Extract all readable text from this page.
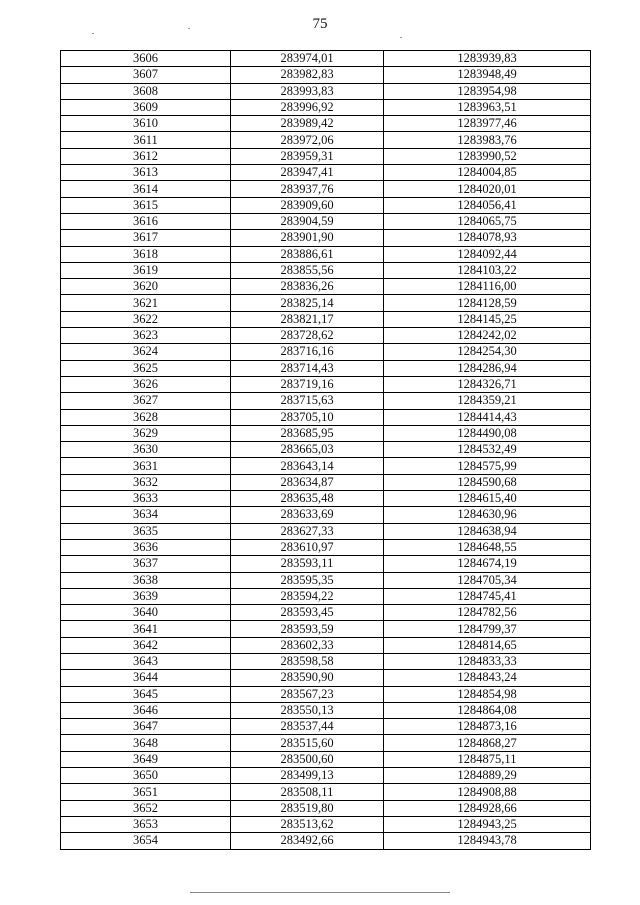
75
3606	283974,01	1283939,83
3607	283982,83	1283948,49
3608	283993,83	1283954,98
3609	283996,92	1283963,51
3610	283989,42	1283977,46
3611	283972,06	1283983,76
3612	283959,31	1283990,52
3613	283947,41	1284004,85
3614	283937,76	1284020,01
3615	283909,60	1284056,41
3616	283904,59	1284065,75
3617	283901,90	1284078,93
3618	283886,61	1284092,44
3619	283855,56	1284103,22
3620	283836,26	1284116,00
3621	283825,14	1284128,59
3622	283821,17	1284145,25
3623	283728,62	1284242,02
3624	283716,16	1284254,30
3625	283714,43	1284286,94
3626	283719,16	1284326,71
3627	283715,63	1284359,21
3628	283705,10	1284414,43
3629	283685,95	1284490,08
3630	283665,03	1284532,49
3631	283643,14	1284575,99
3632	283634,87	1284590,68
3633	283635,48	1284615,40
3634	283633,69	1284630,96
3635	283627,33	1284638,94
3636	283610,97	1284648,55
3637	283593,11	1284674,19
3638	283595,35	1284705,34
3639	283594,22	1284745,41
3640	283593,45	1284782,56
3641	283593,59	1284799,37
3642	283602,33	1284814,65
3643	283598,58	1284833,33
3644	283590,90	1284843,24
3645	283567,23	1284854,98
3646	283550,13	1284864,08
3647	283537,44	1284873,16
3648	283515,60	1284868,27
3649	283500,60	1284875,11
3650	283499,13	1284889,29
3651	283508,11	1284908,88
3652	283519,80	1284928,66
3653	283513,62	1284943,25
3654	283492,66	1284943,78
